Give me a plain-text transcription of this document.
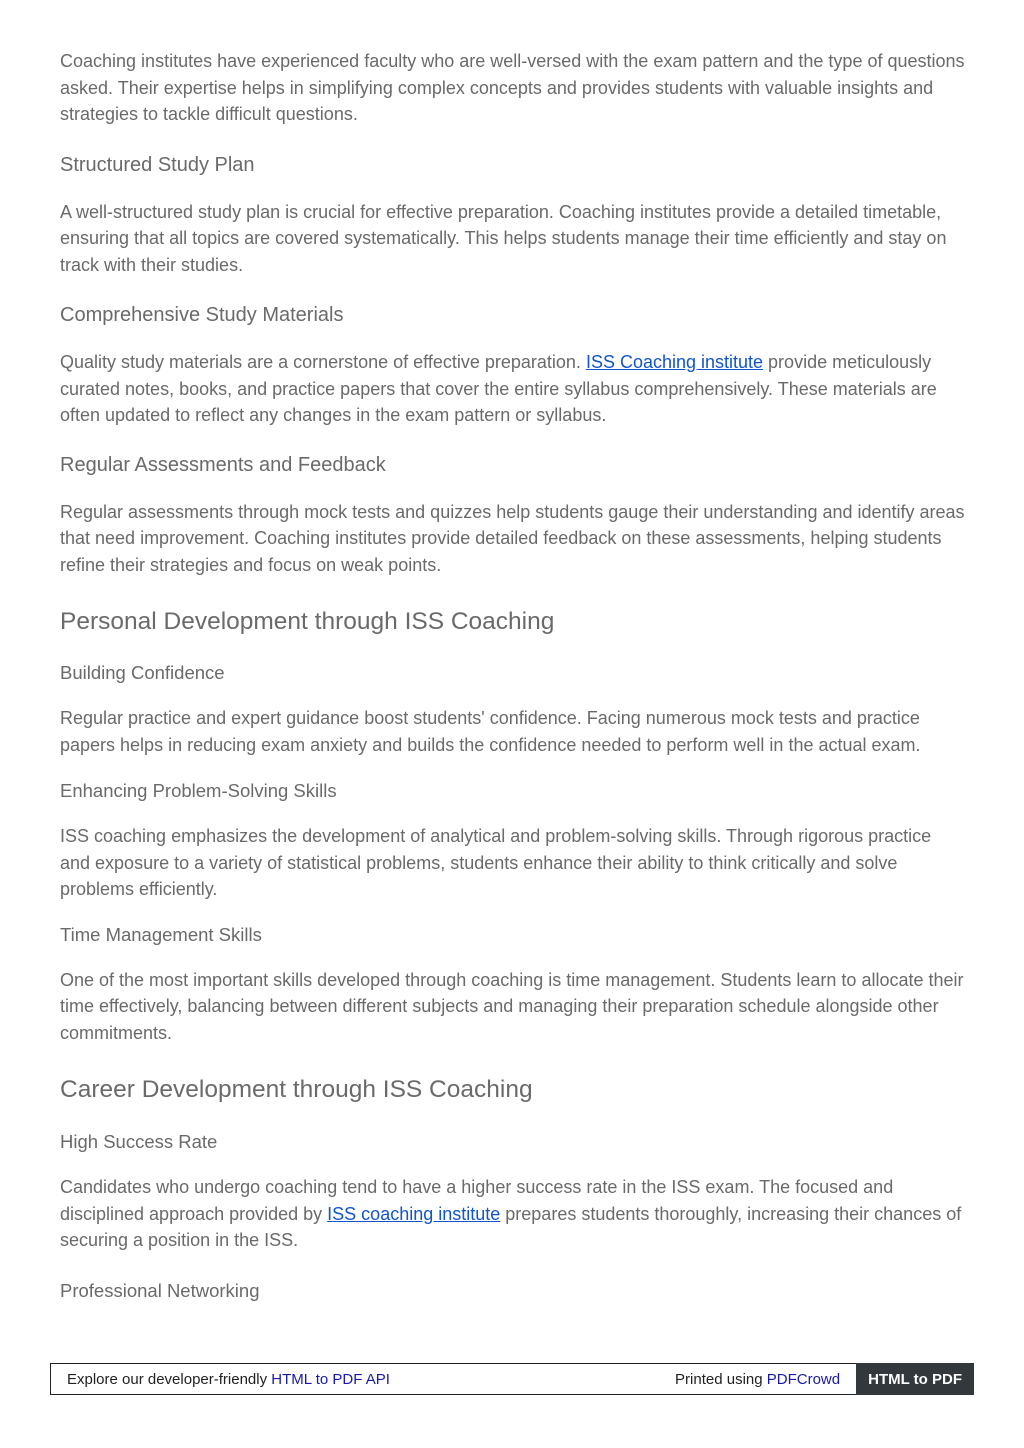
Coaching institutes have experienced faculty who are well-versed with the exam pattern and the type of questions asked. Their expertise helps in simplifying complex concepts and provides students with valuable insights and strategies to tackle difficult questions.

Structured Study Plan

A well-structured study plan is crucial for effective preparation. Coaching institutes provide a detailed timetable, ensuring that all topics are covered systematically. This helps students manage their time efficiently and stay on track with their studies.

Comprehensive Study Materials

Quality study materials are a cornerstone of effective preparation. ISS Coaching institute provide meticulously curated notes, books, and practice papers that cover the entire syllabus comprehensively. These materials are often updated to reflect any changes in the exam pattern or syllabus.

Regular Assessments and Feedback

Regular assessments through mock tests and quizzes help students gauge their understanding and identify areas that need improvement. Coaching institutes provide detailed feedback on these assessments, helping students refine their strategies and focus on weak points.

Personal Development through ISS Coaching
Building Confidence

Regular practice and expert guidance boost students' confidence. Facing numerous mock tests and practice papers helps in reducing exam anxiety and builds the confidence needed to perform well in the actual exam.

Enhancing Problem-Solving Skills

ISS coaching emphasizes the development of analytical and problem-solving skills. Through rigorous practice and exposure to a variety of statistical problems, students enhance their ability to think critically and solve problems efficiently.

Time Management Skills

One of the most important skills developed through coaching is time management. Students learn to allocate their time effectively, balancing between different subjects and managing their preparation schedule alongside other commitments.

Career Development through ISS Coaching
High Success Rate

Candidates who undergo coaching tend to have a higher success rate in the ISS exam. The focused and disciplined approach provided by ISS coaching institute prepares students thoroughly, increasing their chances of securing a position in the ISS.

Professional Networking
Explore our developer-friendly HTML to PDF API	Printed using PDFCrowd	HTML to PDF
